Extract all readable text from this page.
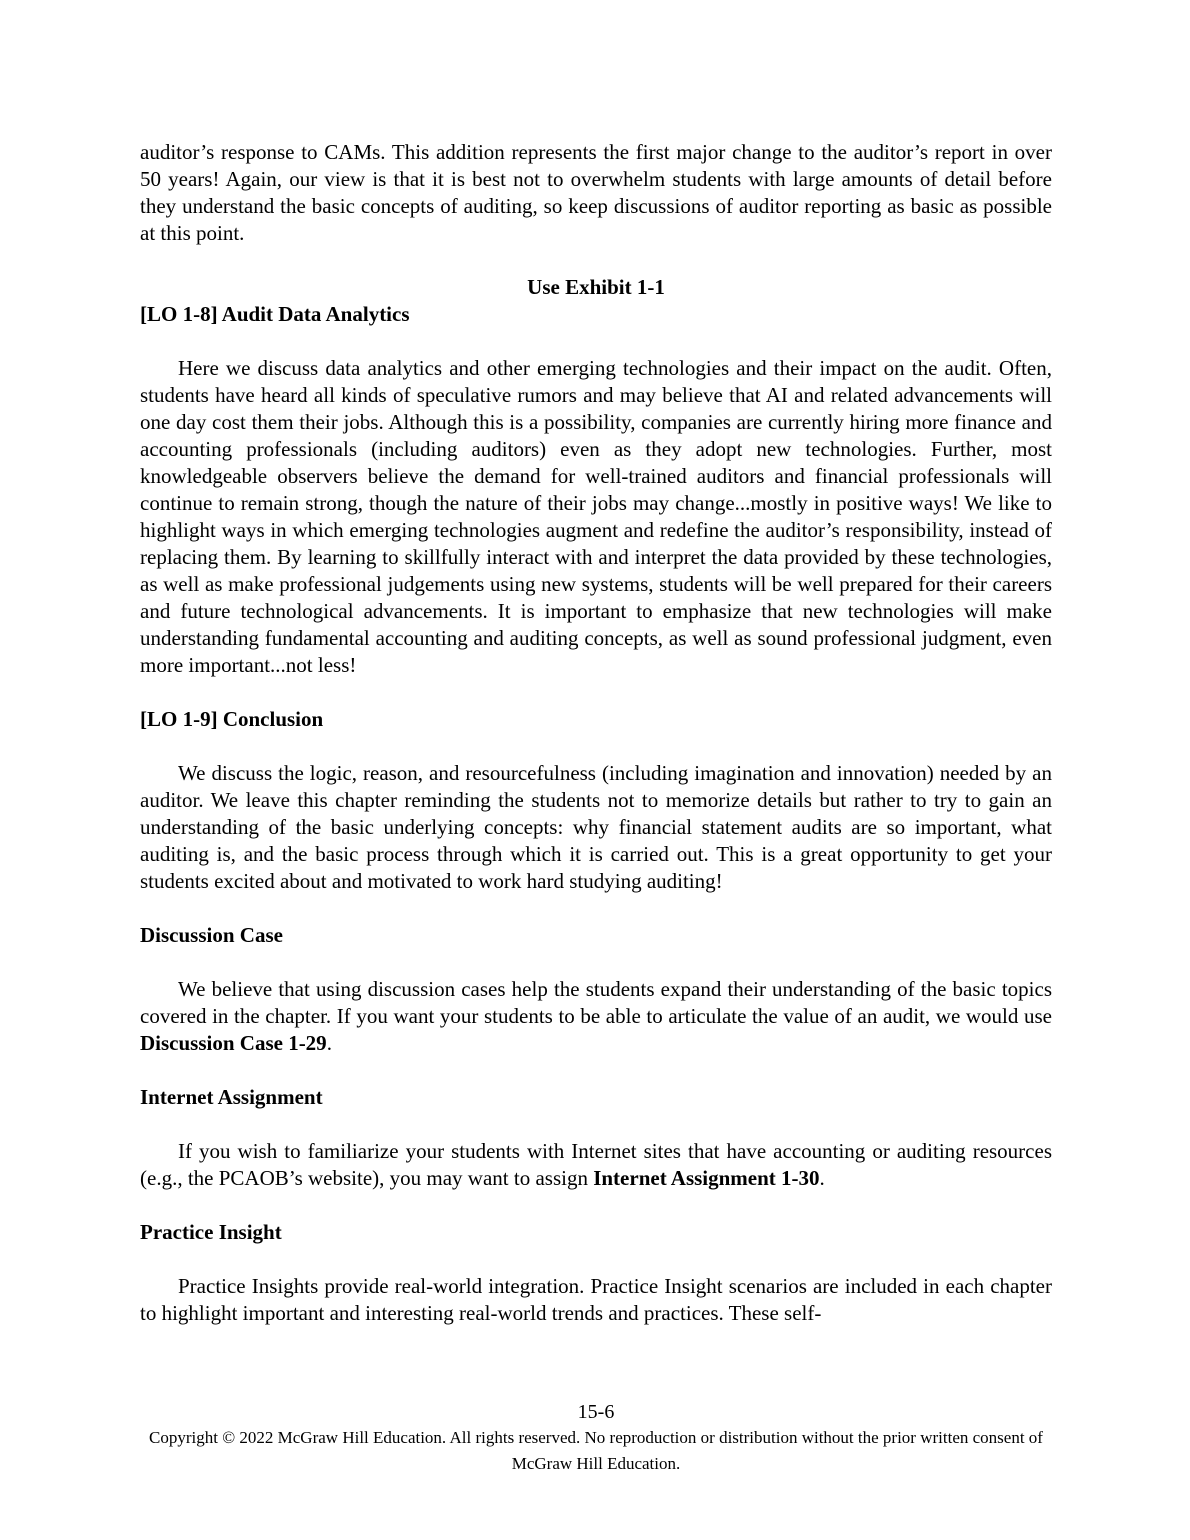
auditor’s response to CAMs. This addition represents the first major change to the auditor’s report in over 50 years! Again, our view is that it is best not to overwhelm students with large amounts of detail before they understand the basic concepts of auditing, so keep discussions of auditor reporting as basic as possible at this point.

Use Exhibit 1-1
[LO 1-8] Audit Data Analytics

Here we discuss data analytics and other emerging technologies and their impact on the audit. Often, students have heard all kinds of speculative rumors and may believe that AI and related advancements will one day cost them their jobs. Although this is a possibility, companies are currently hiring more finance and accounting professionals (including auditors) even as they adopt new technologies. Further, most knowledgeable observers believe the demand for well-trained auditors and financial professionals will continue to remain strong, though the nature of their jobs may change...mostly in positive ways! We like to highlight ways in which emerging technologies augment and redefine the auditor’s responsibility, instead of replacing them. By learning to skillfully interact with and interpret the data provided by these technologies, as well as make professional judgements using new systems, students will be well prepared for their careers and future technological advancements. It is important to emphasize that new technologies will make understanding fundamental accounting and auditing concepts, as well as sound professional judgment, even more important...not less!

[LO 1-9] Conclusion

We discuss the logic, reason, and resourcefulness (including imagination and innovation) needed by an auditor. We leave this chapter reminding the students not to memorize details but rather to try to gain an understanding of the basic underlying concepts: why financial statement audits are so important, what auditing is, and the basic process through which it is carried out. This is a great opportunity to get your students excited about and motivated to work hard studying auditing!

Discussion Case

We believe that using discussion cases help the students expand their understanding of the basic topics covered in the chapter. If you want your students to be able to articulate the value of an audit, we would use Discussion Case 1-29.

Internet Assignment

If you wish to familiarize your students with Internet sites that have accounting or auditing resources (e.g., the PCAOB’s website), you may want to assign Internet Assignment 1-30.

Practice Insight

Practice Insights provide real-world integration. Practice Insight scenarios are included in each chapter to highlight important and interesting real-world trends and practices. These self-

15-6
Copyright © 2022 McGraw Hill Education. All rights reserved. No reproduction or distribution without the prior written consent of McGraw Hill Education.
